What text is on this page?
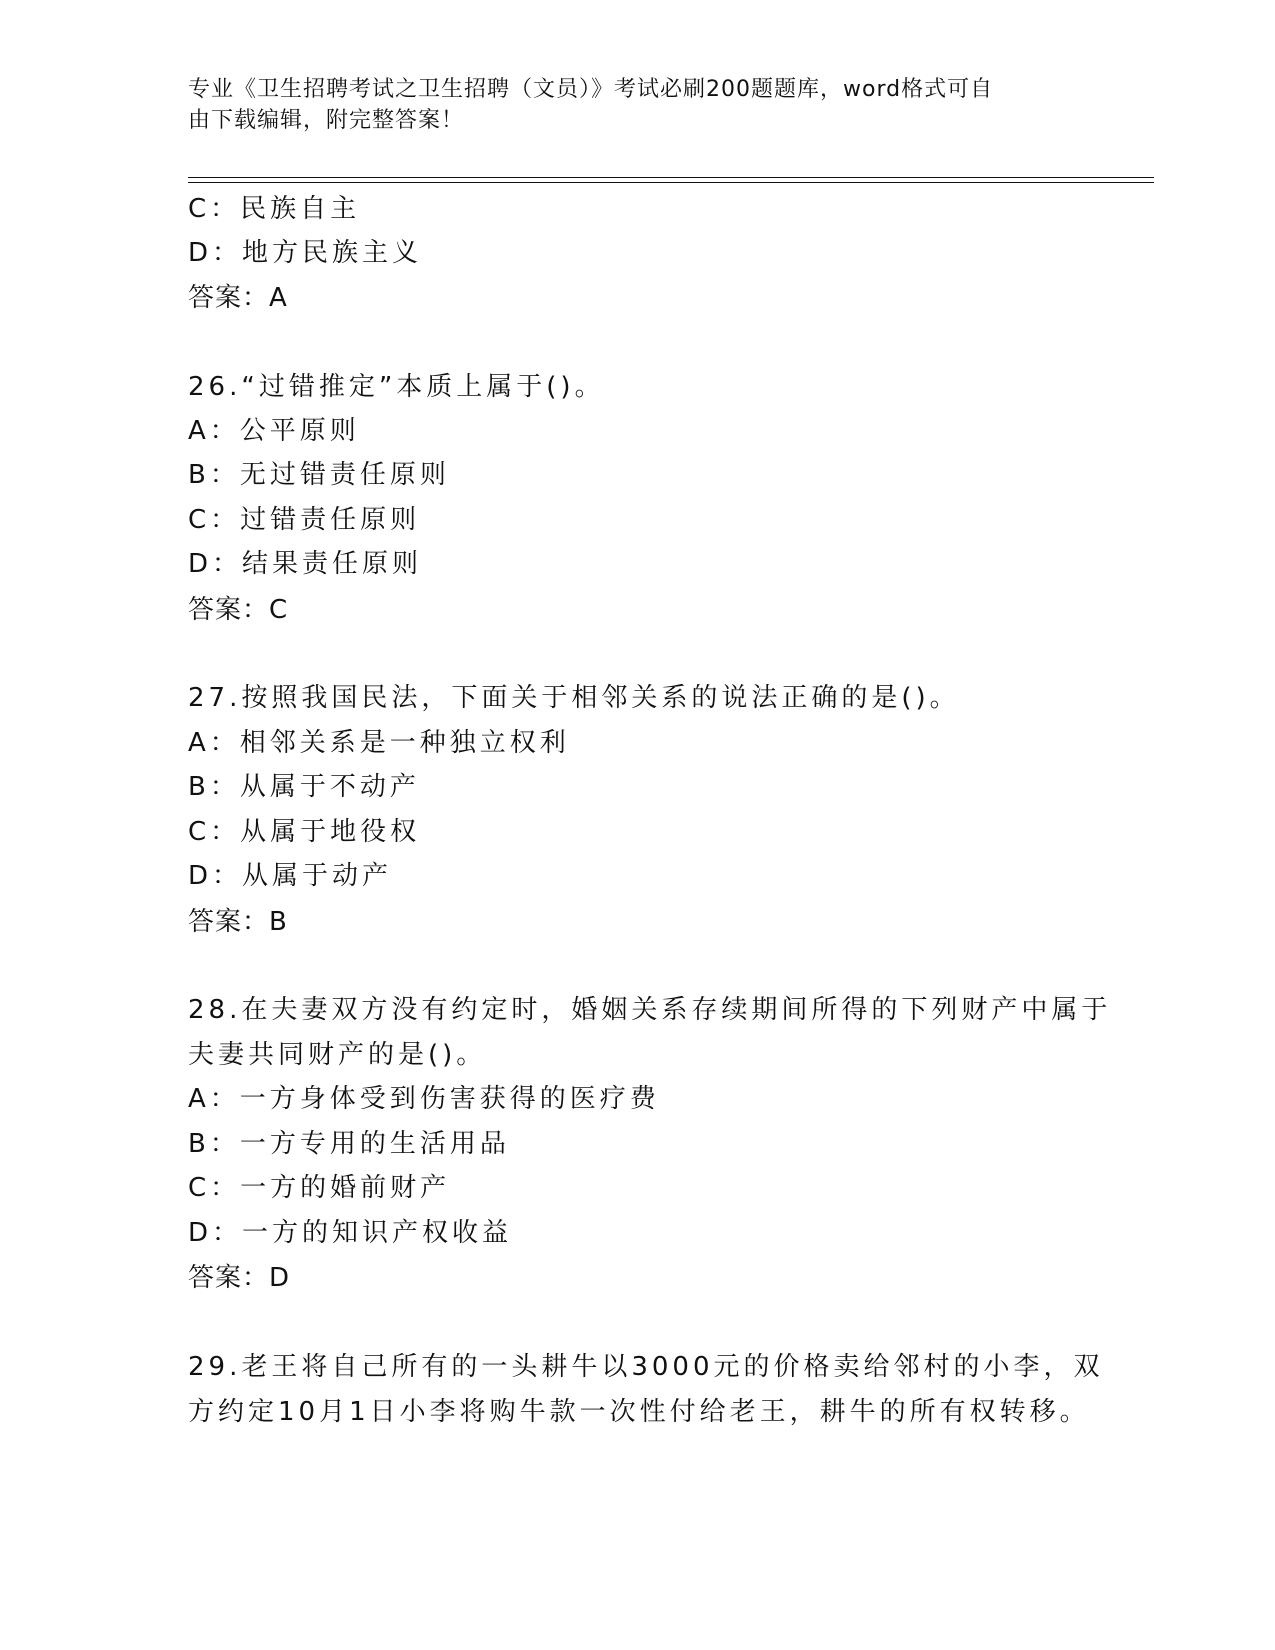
专业《卫生招聘考试之卫生招聘（文员）》考试必刷200题题库，word格式可自
由下载编辑，附完整答案！
C：民族自主
D：地方民族主义
答案：A
26.“过错推定”本质上属于()。
A：公平原则
B：无过错责任原则
C：过错责任原则
D：结果责任原则
答案：C
27.按照我国民法，下面关于相邻关系的说法正确的是()。
A：相邻关系是一种独立权利
B：从属于不动产
C：从属于地役权
D：从属于动产
答案：B
28.在夫妻双方没有约定时，婚姻关系存续期间所得的下列财产中属于
夫妻共同财产的是()。
A：一方身体受到伤害获得的医疗费
B：一方专用的生活用品
C：一方的婚前财产
D：一方的知识产权收益
答案：D
29.老王将自己所有的一头耕牛以3000元的价格卖给邻村的小李，双
方约定10月1日小李将购牛款一次性付给老王，耕牛的所有权转移。
